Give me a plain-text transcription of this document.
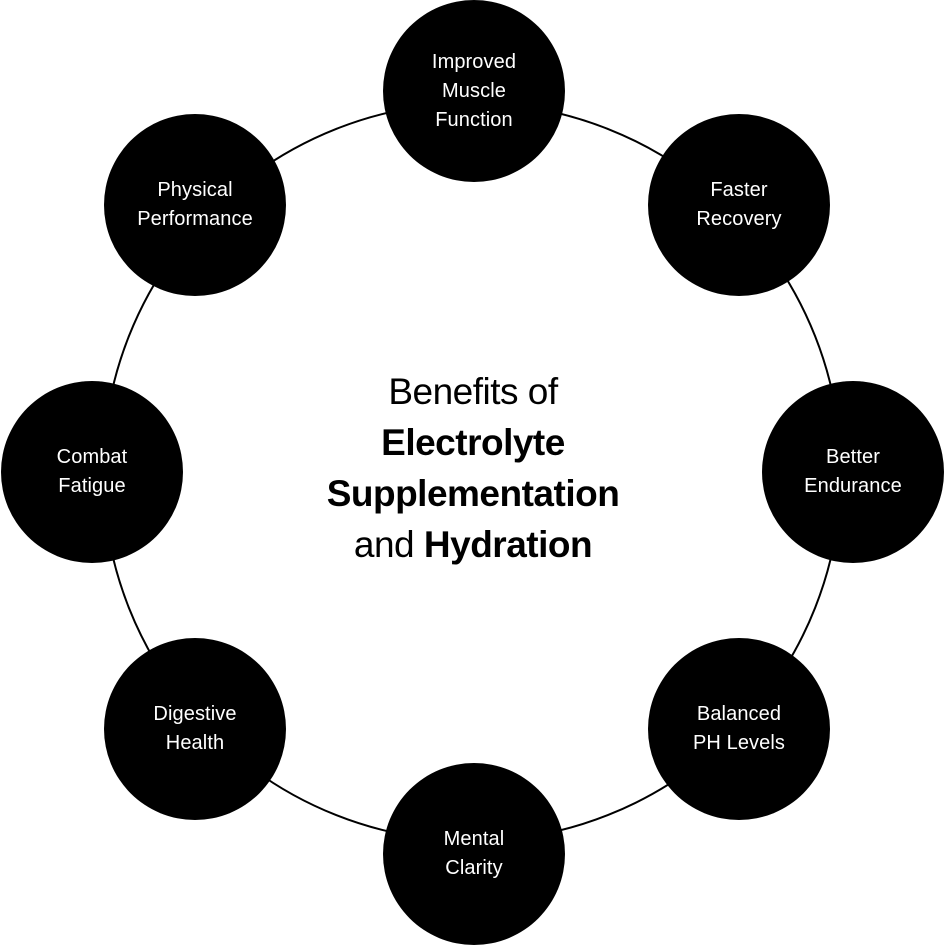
Improved
Muscle
Function
Faster
Recovery
Better
Endurance
Balanced
PH Levels
Mental
Clarity
Digestive
Health
Combat
Fatigue
Physical
Performance
Benefits of
Electrolyte
Supplementation
and Hydration
